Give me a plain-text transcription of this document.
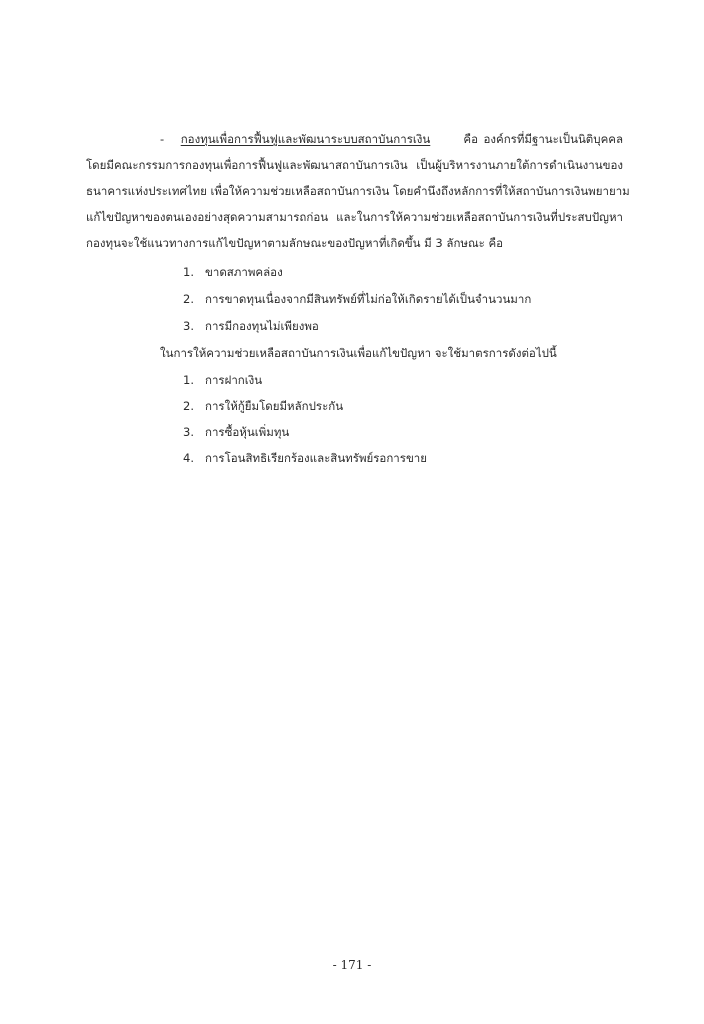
- กองทุนเพื่อการฟื้นฟูและพัฒนาระบบสถาบันการเงิน	คือ องค์กรที่มีฐานะเป็นนิติบุคคล
โดยมีคณะกรรมการกองทุนเพื่อการฟื้นฟูและพัฒนาสถาบันการเงิน เป็นผู้บริหารงานภายใต้การดำเนินงานของ
ธนาคารแห่งประเทศไทย เพื่อให้ความช่วยเหลือสถาบันการเงิน โดยคำนึงถึงหลักการที่ให้สถาบันการเงินพยายาม
แก้ไขปัญหาของตนเองอย่างสุดความสามารถก่อน และในการให้ความช่วยเหลือสถาบันการเงินที่ประสบปัญหา
กองทุนจะใช้แนวทางการแก้ไขปัญหาตามลักษณะของปัญหาที่เกิดขึ้น มี 3 ลักษณะ คือ
1. ขาดสภาพคล่อง
2. การขาดทุนเนื่องจากมีสินทรัพย์ที่ไม่ก่อให้เกิดรายได้เป็นจำนวนมาก
3. การมีกองทุนไม่เพียงพอ
ในการให้ความช่วยเหลือสถาบันการเงินเพื่อแก้ไขปัญหา จะใช้มาตรการดังต่อไปนี้
1. การฝากเงิน
2. การให้กู้ยืมโดยมีหลักประกัน
3. การซื้อหุ้นเพิ่มทุน
4. การโอนสิทธิเรียกร้องและสินทรัพย์รอการขาย
- 171 -
